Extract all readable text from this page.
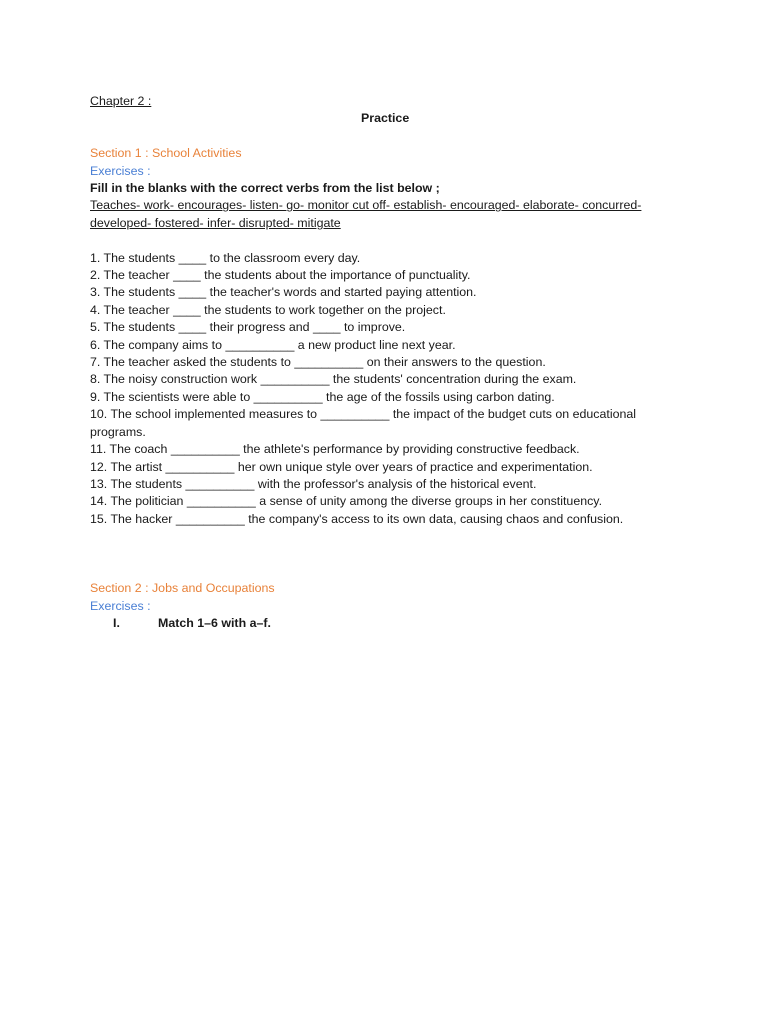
Chapter 2 :

Practice

Section 1 : School Activities
Exercises :
Fill in the blanks with the correct verbs from the list below ;
Teaches- work- encourages- listen- go- monitor cut off- establish- encouraged- elaborate- concurred-
developed- fostered- infer- disrupted- mitigate

1. The students ____ to the classroom every day.

2. The teacher ____ the students about the importance of punctuality.

3. The students ____ the teacher's words and started paying attention.

4. The teacher ____ the students to work together on the project.

5. The students ____ their progress and ____ to improve.

6. The company aims to __________ a new product line next year.

7. The teacher asked the students to __________ on their answers to the question.

8. The noisy construction work __________ the students' concentration during the exam.

9. The scientists were able to __________ the age of the fossils using carbon dating.

10. The school implemented measures to __________ the impact of the budget cuts on educational programs.

11. The coach __________ the athlete's performance by providing constructive feedback.

12. The artist __________ her own unique style over years of practice and experimentation.

13. The students __________ with the professor's analysis of the historical event.

14. The politician __________ a sense of unity among the diverse groups in her constituency.

15. The hacker __________ the company's access to its own data, causing chaos and confusion.

Section 2 : Jobs and Occupations
Exercises :
I.	Match 1–6 with a–f.
